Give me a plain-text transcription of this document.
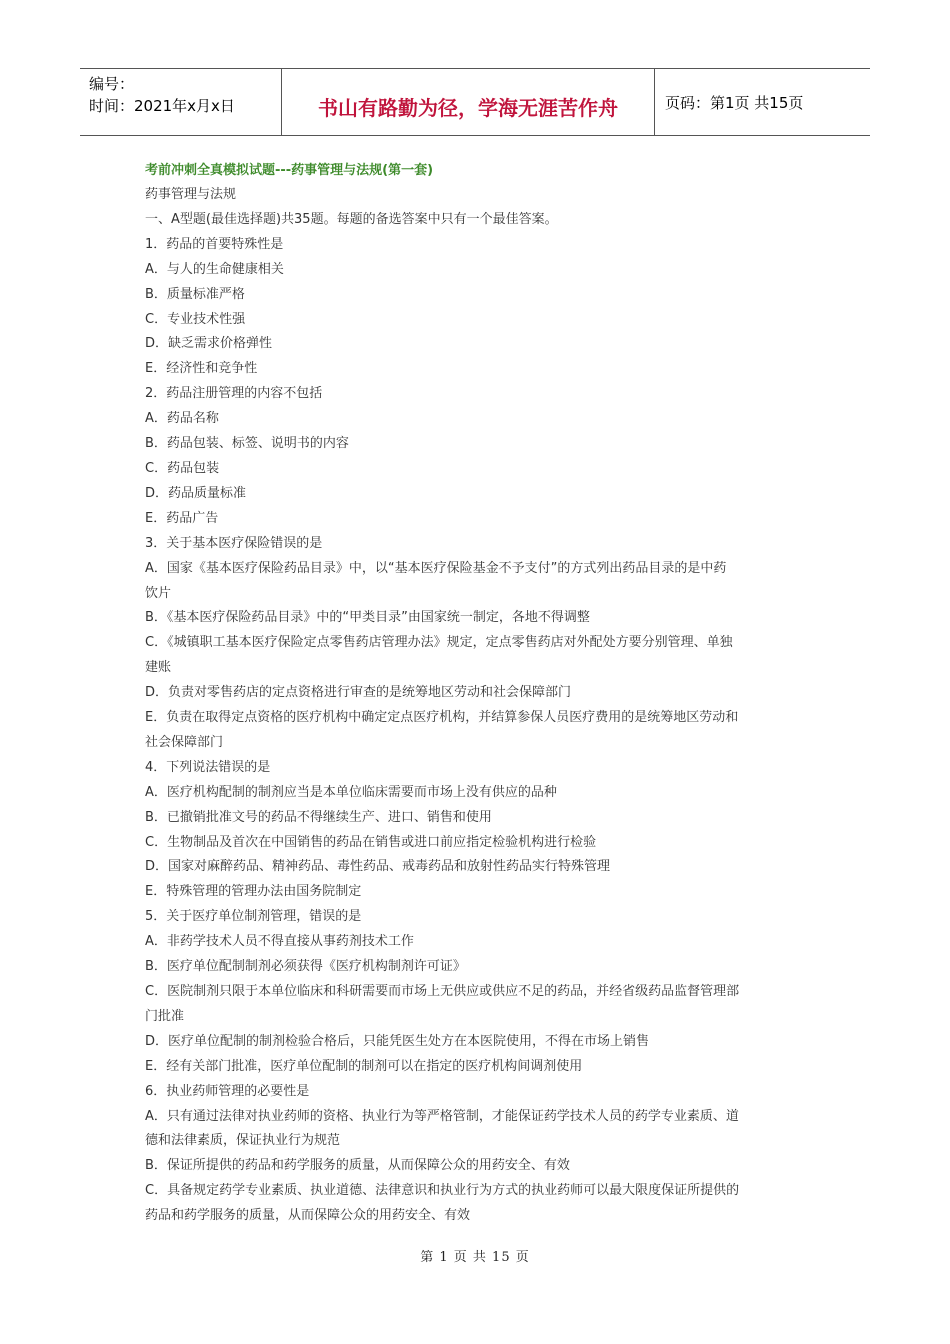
编号：
时间：2021年x月x日	书山有路勤为径，学海无涯苦作舟	页码：第1页 共15页
考前冲刺全真模拟试题---药事管理与法规(第一套)
药事管理与法规
一、A型题(最佳选择题)共35题。每题的备选答案中只有一个最佳答案。
1．药品的首要特殊性是
A．与人的生命健康相关
B．质量标准严格
C．专业技术性强
D．缺乏需求价格弹性
E．经济性和竞争性
2．药品注册管理的内容不包括
A．药品名称
B．药品包装、标签、说明书的内容
C．药品包装
D．药品质量标准
E．药品广告
3．关于基本医疗保险错误的是
A．国家《基本医疗保险药品目录》中，以“基本医疗保险基金不予支付”的方式列出药品目录的是中药
饮片
B．《基本医疗保险药品目录》中的“甲类目录”由国家统一制定，各地不得调整
C．《城镇职工基本医疗保险定点零售药店管理办法》规定，定点零售药店对外配处方要分别管理、单独
建账
D．负责对零售药店的定点资格进行审查的是统筹地区劳动和社会保障部门
E．负责在取得定点资格的医疗机构中确定定点医疗机构，并结算参保人员医疗费用的是统筹地区劳动和
社会保障部门
4．下列说法错误的是
A．医疗机构配制的制剂应当是本单位临床需要而市场上没有供应的品种
B．已撤销批准文号的药品不得继续生产、进口、销售和使用
C．生物制品及首次在中国销售的药品在销售或进口前应指定检验机构进行检验
D．国家对麻醉药品、精神药品、毒性药品、戒毒药品和放射性药品实行特殊管理
E．特殊管理的管理办法由国务院制定
5．关于医疗单位制剂管理，错误的是
A．非药学技术人员不得直接从事药剂技术工作
B．医疗单位配制制剂必须获得《医疗机构制剂许可证》
C．医院制剂只限于本单位临床和科研需要而市场上无供应或供应不足的药品，并经省级药品监督管理部
门批准
D．医疗单位配制的制剂检验合格后，只能凭医生处方在本医院使用，不得在市场上销售
E．经有关部门批准，医疗单位配制的制剂可以在指定的医疗机构间调剂使用
6．执业药师管理的必要性是
A．只有通过法律对执业药师的资格、执业行为等严格管制，才能保证药学技术人员的药学专业素质、道
德和法律素质，保证执业行为规范
B．保证所提供的药品和药学服务的质量，从而保障公众的用药安全、有效
C．具备规定药学专业素质、执业道德、法律意识和执业行为方式的执业药师可以最大限度保证所提供的
药品和药学服务的质量，从而保障公众的用药安全、有效
第 1 页 共 15 页
